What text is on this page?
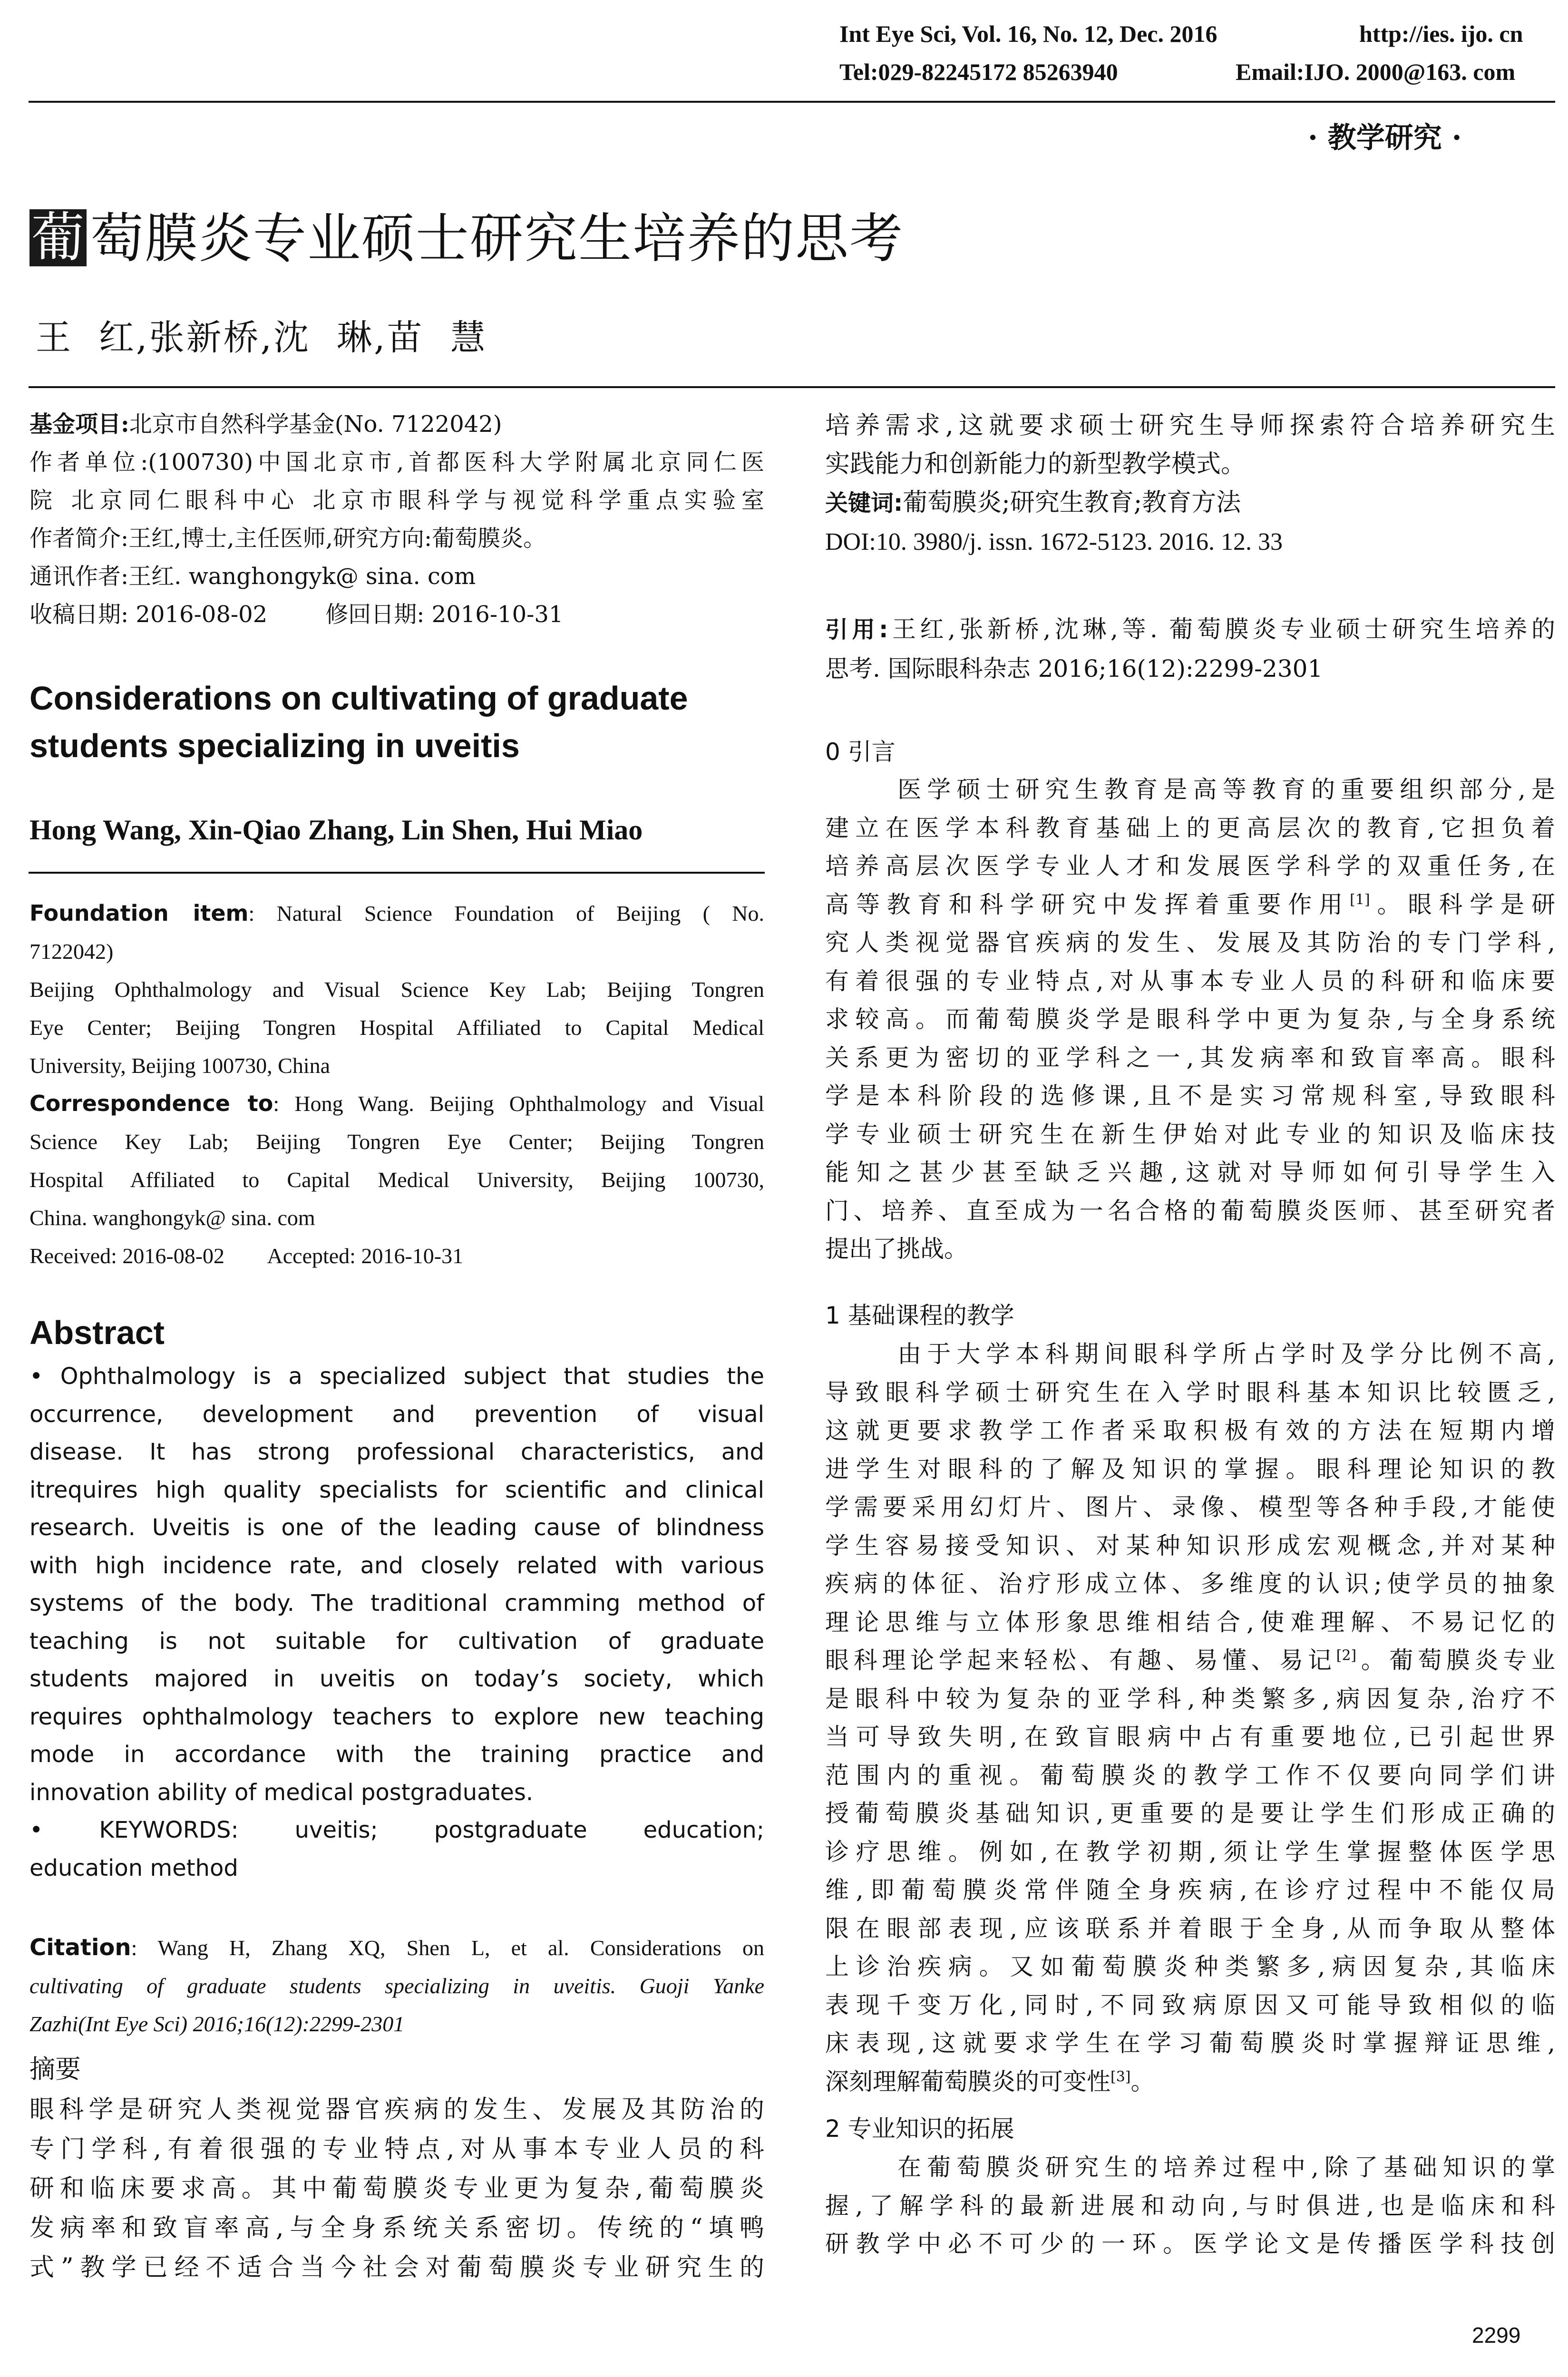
Int Eye Sci, Vol. 16, No. 12, Dec. 2016	http://ies. ijo. cn
Tel:029-82245172 85263940	Email:IJO. 2000@163. com
· 教学研究 ·
葡 萄膜炎专业硕士研究生培养的思考
王  红,张新桥,沈  琳,苗  慧
基金项目:北京市自然科学基金(No. 7122042)
作者单位:(100730)中国北京市,首都医科大学附属北京同仁医
院 北京同仁眼科中心 北京市眼科学与视觉科学重点实验室
作者简介:王红,博士,主任医师,研究方向:葡萄膜炎。
通讯作者:王红. wanghongyk@ sina. com
收稿日期: 2016-08-02        修回日期: 2016-10-31
Considerations on cultivating of graduate
students specializing in uveitis
Hong Wang, Xin-Qiao Zhang, Lin Shen, Hui Miao
Foundation item: Natural Science Foundation of Beijing ( No.
7122042)
Beijing Ophthalmology and Visual Science Key Lab; Beijing Tongren
Eye Center; Beijing Tongren Hospital Affiliated to Capital Medical
University, Beijing 100730, China
Correspondence to: Hong Wang. Beijing Ophthalmology and Visual
Science Key Lab; Beijing Tongren Eye Center; Beijing Tongren
Hospital Affiliated to Capital Medical University, Beijing 100730,
China. wanghongyk@ sina. com
Received: 2016-08-02        Accepted: 2016-10-31
Abstract
• Ophthalmology is a specialized subject that studies the
occurrence, development and prevention of visual
disease. It has strong professional characteristics, and
itrequires high quality specialists for scientific and clinical
research. Uveitis is one of the leading cause of blindness
with high incidence rate, and closely related with various
systems of the body. The traditional cramming method of
teaching is not suitable for cultivation of graduate
students majored in uveitis on today’s society, which
requires ophthalmology teachers to explore new teaching
mode in accordance with the training practice and
innovation ability of medical postgraduates.
• KEYWORDS: uveitis; postgraduate education;
education method
Citation: Wang H, Zhang XQ, Shen L, et al. Considerations on
cultivating of graduate students specializing in uveitis. Guoji Yanke
Zazhi(Int Eye Sci) 2016;16(12):2299-2301
摘要
眼科学是研究人类视觉器官疾病的发生、发展及其防治的
专门学科,有着很强的专业特点,对从事本专业人员的科
研和临床要求高。其中葡萄膜炎专业更为复杂,葡萄膜炎
发病率和致盲率高,与全身系统关系密切。传统的“填鸭
式”教学已经不适合当今社会对葡萄膜炎专业研究生的
培养需求,这就要求硕士研究生导师探索符合培养研究生
实践能力和创新能力的新型教学模式。
关键词:葡萄膜炎;研究生教育;教育方法
DOI:10. 3980/j. issn. 1672-5123. 2016. 12. 33
引用:王红,张新桥,沈琳,等. 葡萄膜炎专业硕士研究生培养的
思考. 国际眼科杂志 2016;16(12):2299-2301
0 引言
医学硕士研究生教育是高等教育的重要组织部分,是
建立在医学本科教育基础上的更高层次的教育,它担负着
培养高层次医学专业人才和发展医学科学的双重任务,在
高等教育和科学研究中发挥着重要作用[1]。眼科学是研
究人类视觉器官疾病的发生、发展及其防治的专门学科,
有着很强的专业特点,对从事本专业人员的科研和临床要
求较高。而葡萄膜炎学是眼科学中更为复杂,与全身系统
关系更为密切的亚学科之一,其发病率和致盲率高。眼科
学是本科阶段的选修课,且不是实习常规科室,导致眼科
学专业硕士研究生在新生伊始对此专业的知识及临床技
能知之甚少甚至缺乏兴趣,这就对导师如何引导学生入
门、培养、直至成为一名合格的葡萄膜炎医师、甚至研究者
提出了挑战。
1 基础课程的教学
由于大学本科期间眼科学所占学时及学分比例不高,
导致眼科学硕士研究生在入学时眼科基本知识比较匮乏,
这就更要求教学工作者采取积极有效的方法在短期内增
进学生对眼科的了解及知识的掌握。眼科理论知识的教
学需要采用幻灯片、图片、录像、模型等各种手段,才能使
学生容易接受知识、对某种知识形成宏观概念,并对某种
疾病的体征、治疗形成立体、多维度的认识;使学员的抽象
理论思维与立体形象思维相结合,使难理解、不易记忆的
眼科理论学起来轻松、有趣、易懂、易记[2]。葡萄膜炎专业
是眼科中较为复杂的亚学科,种类繁多,病因复杂,治疗不
当可导致失明,在致盲眼病中占有重要地位,已引起世界
范围内的重视。葡萄膜炎的教学工作不仅要向同学们讲
授葡萄膜炎基础知识,更重要的是要让学生们形成正确的
诊疗思维。例如,在教学初期,须让学生掌握整体医学思
维,即葡萄膜炎常伴随全身疾病,在诊疗过程中不能仅局
限在眼部表现,应该联系并着眼于全身,从而争取从整体
上诊治疾病。又如葡萄膜炎种类繁多,病因复杂,其临床
表现千变万化,同时,不同致病原因又可能导致相似的临
床表现,这就要求学生在学习葡萄膜炎时掌握辩证思维,
深刻理解葡萄膜炎的可变性[3]。
2 专业知识的拓展
在葡萄膜炎研究生的培养过程中,除了基础知识的掌
握,了解学科的最新进展和动向,与时俱进,也是临床和科
研教学中必不可少的一环。医学论文是传播医学科技创
2299
